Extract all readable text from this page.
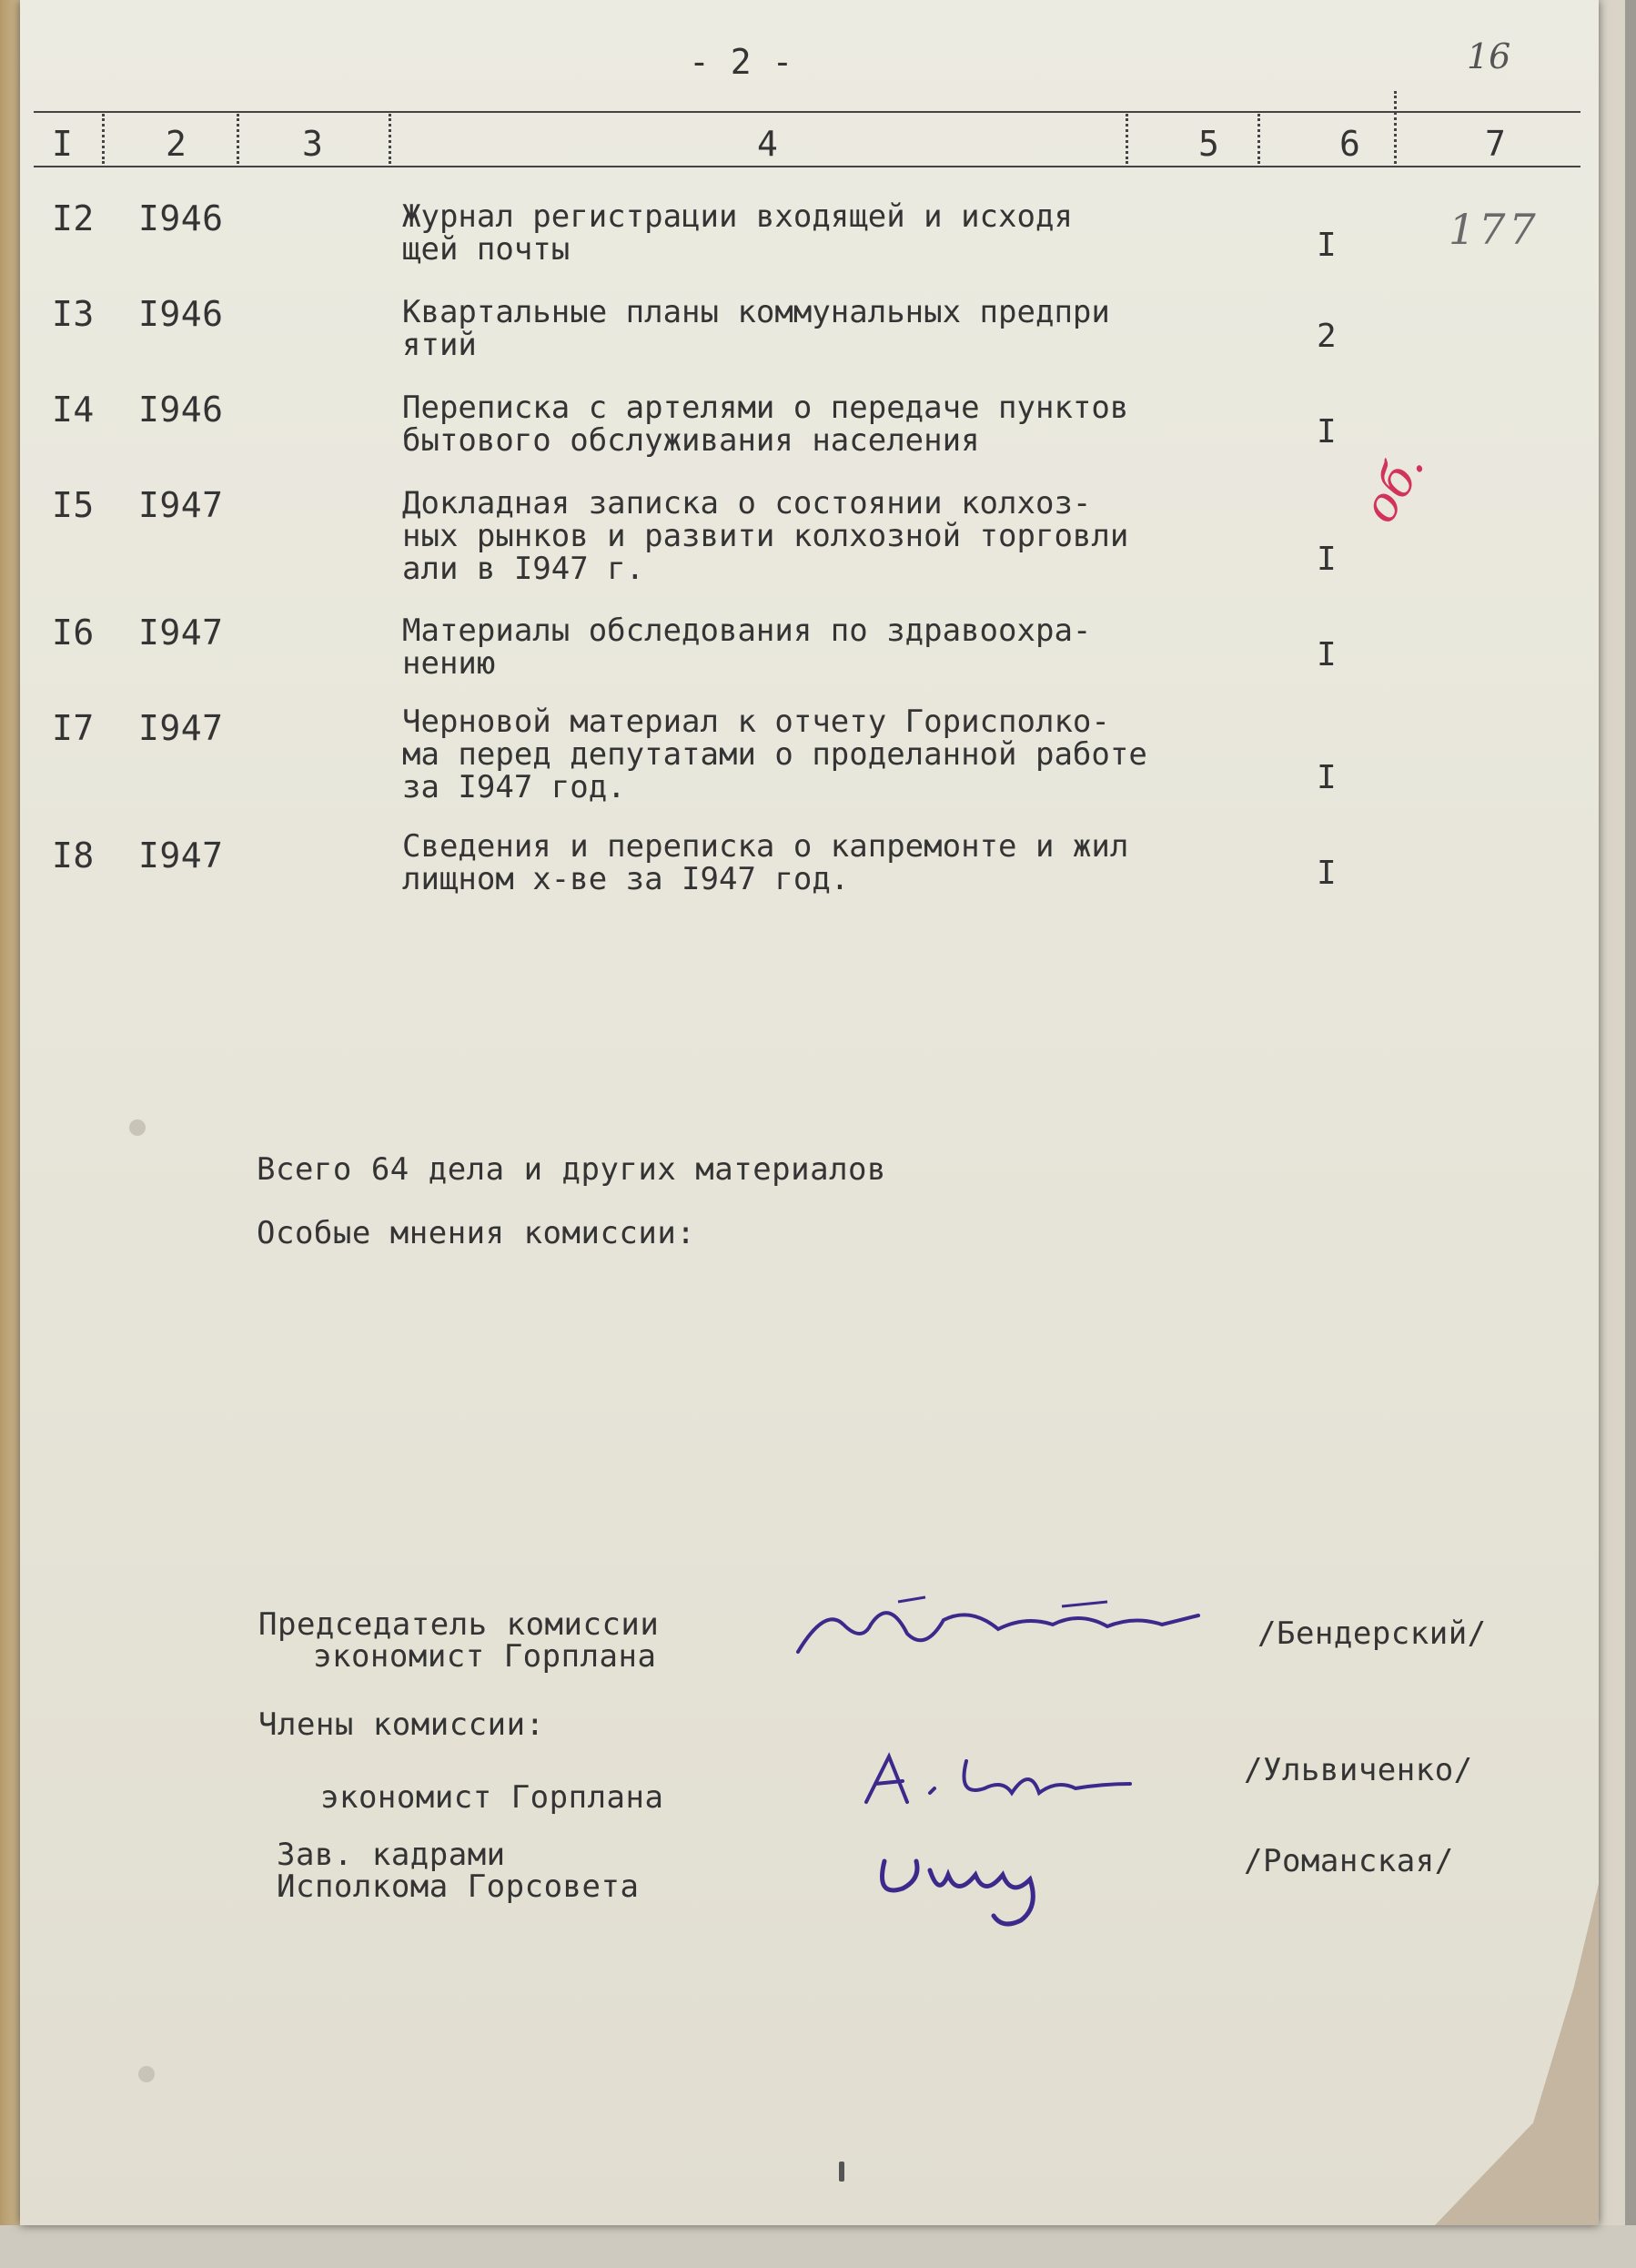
- 2 -	16
I	2	3	4	5	6	7
I2 I946	Журнал регистрации входящей и исходя
щей почты	I	177
I3 I946	Квартальные планы коммунальных предпри
ятий	2
I4 I946	Переписка с артелями о передаче пунктов
бытового обслуживания населения	I
I5 I947	Докладная записка о состоянии колхоз-
ных рынков и развити колхозной торговли
али в I947 г.	I
об.
I6 I947	Материалы обследования по здравоохра-
нению	I
I7 I947	Черновой материал к отчету Горисполко-
ма перед депутатами о проделанной работе
за I947 год.	I
I8 I947	Сведения и переписка о капремонте и жил
лищном х-ве за I947 год.	I
Всего 64 дела и других материалов
Особые мнения комиссии:
Председатель комиссии
экономист Горплана
/Бендерский/
Члены комиссии:
экономист Горплана
/Ульвиченко/
Зав. кадрами
Исполкома Горсовета
/Романская/
